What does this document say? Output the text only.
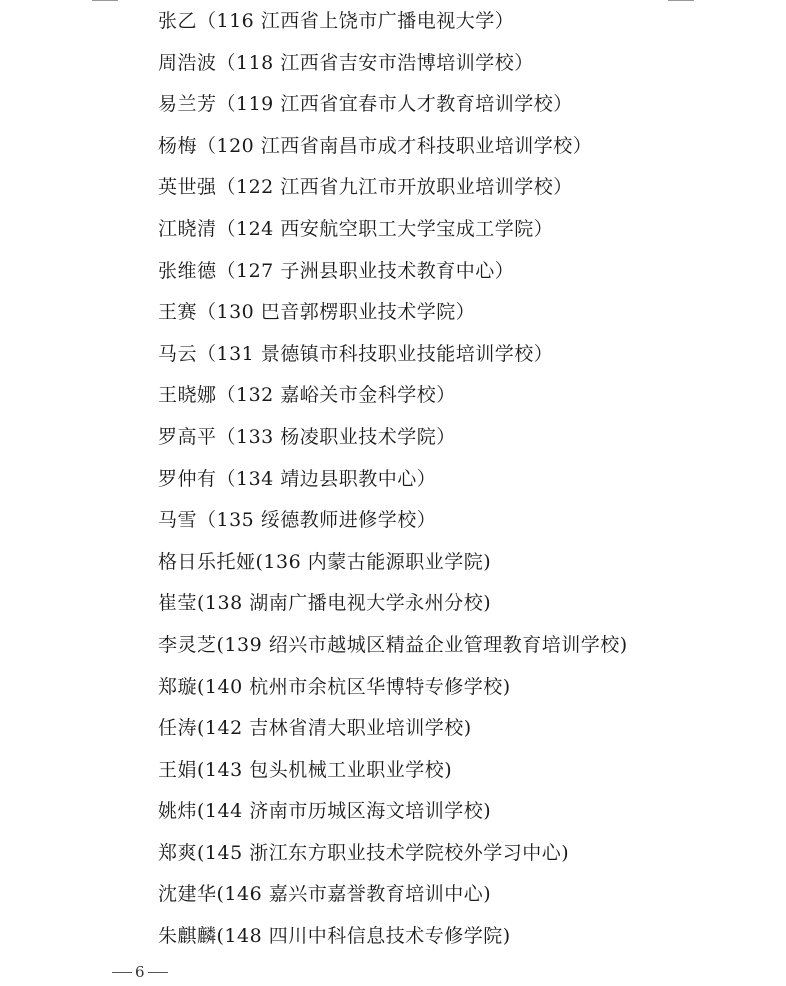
张乙（116 江西省上饶市广播电视大学）
周浩波（118 江西省吉安市浩博培训学校）
易兰芳（119 江西省宜春市人才教育培训学校）
杨梅（120 江西省南昌市成才科技职业培训学校）
英世强（122 江西省九江市开放职业培训学校）
江晓清（124 西安航空职工大学宝成工学院）
张维德（127 子洲县职业技术教育中心）
王赛（130 巴音郭楞职业技术学院）
马云（131 景德镇市科技职业技能培训学校）
王晓娜（132 嘉峪关市金科学校）
罗高平（133 杨凌职业技术学院）
罗仲有（134 靖边县职教中心）
马雪（135 绥德教师进修学校）
格日乐托娅(136 内蒙古能源职业学院)
崔莹(138 湖南广播电视大学永州分校)
李灵芝(139 绍兴市越城区精益企业管理教育培训学校)
郑璇(140 杭州市余杭区华博特专修学校)
任涛(142 吉林省清大职业培训学校)
王娟(143 包头机械工业职业学校)
姚炜(144 济南市历城区海文培训学校)
郑爽(145 浙江东方职业技术学院校外学习中心)
沈建华(146 嘉兴市嘉誉教育培训中心)
朱麒麟(148 四川中科信息技术专修学院)
6
